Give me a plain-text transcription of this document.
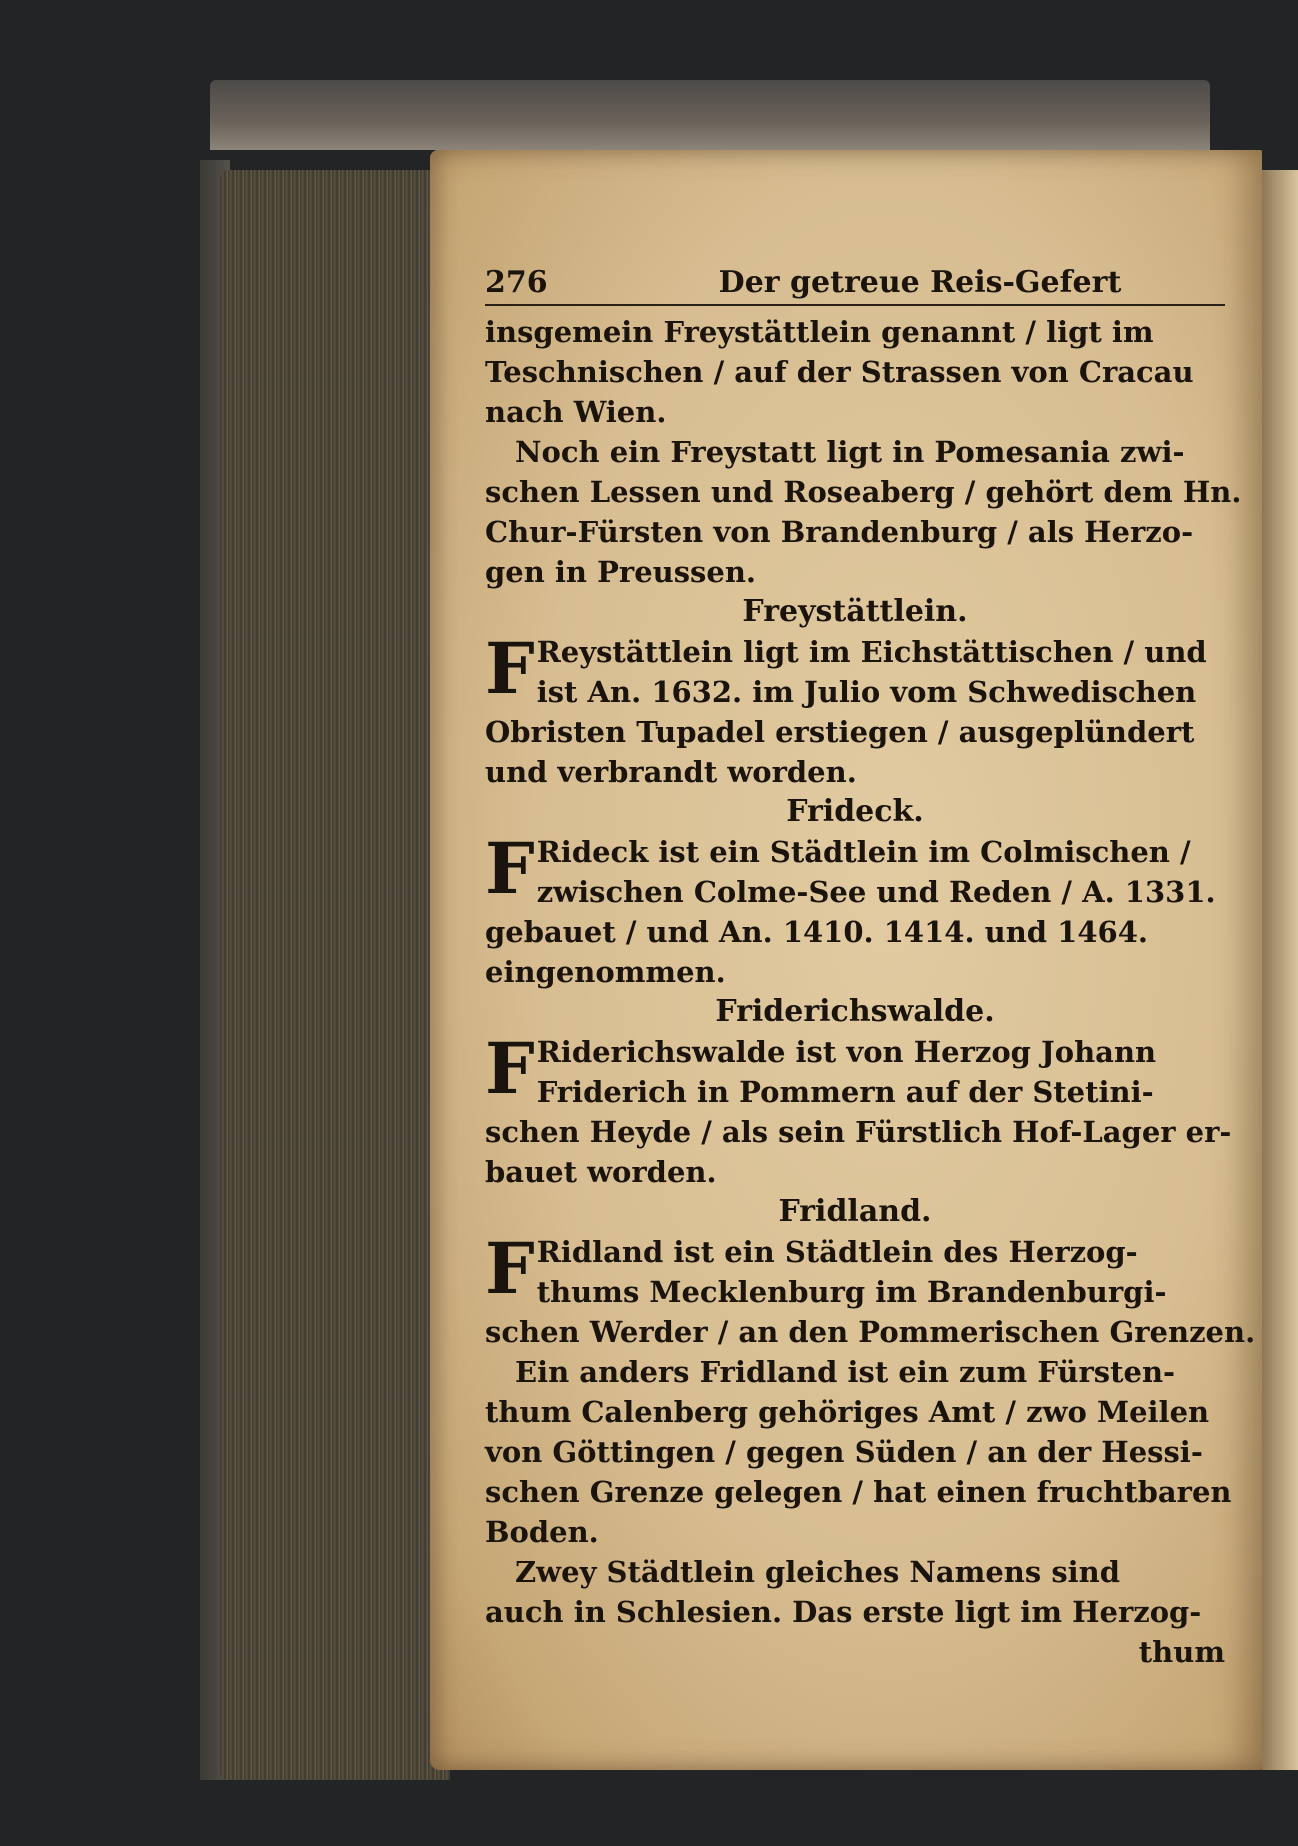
276	Der getreue Reis-Gefert
insgemein Freystättlein genannt / ligt im
Teschnischen / auf der Strassen von Cracau
nach Wien.
Noch ein Freystatt ligt in Pomesania zwi-
schen Lessen und Roseaberg / gehört dem Hn.
Chur-Fürsten von Brandenburg / als Herzo-
gen in Preussen.
Freystättlein.
F Reystättlein ligt im Eichstättischen / und
ist An. 1632. im Julio vom Schwedischen
Obristen Tupadel erstiegen / ausgeplündert
und verbrandt worden.
Frideck.
F Rideck ist ein Städtlein im Colmischen /
zwischen Colme-See und Reden / A. 1331.
gebauet / und An. 1410. 1414. und 1464.
eingenommen.
Friderichswalde.
F Riderichswalde ist von Herzog Johann
Friderich in Pommern auf der Stetini-
schen Heyde / als sein Fürstlich Hof-Lager er-
bauet worden.
Fridland.
F Ridland ist ein Städtlein des Herzog-
thums Mecklenburg im Brandenburgi-
schen Werder / an den Pommerischen Grenzen.
Ein anders Fridland ist ein zum Fürsten-
thum Calenberg gehöriges Amt / zwo Meilen
von Göttingen / gegen Süden / an der Hessi-
schen Grenze gelegen / hat einen fruchtbaren
Boden.
Zwey Städtlein gleiches Namens sind
auch in Schlesien. Das erste ligt im Herzog-
thum
